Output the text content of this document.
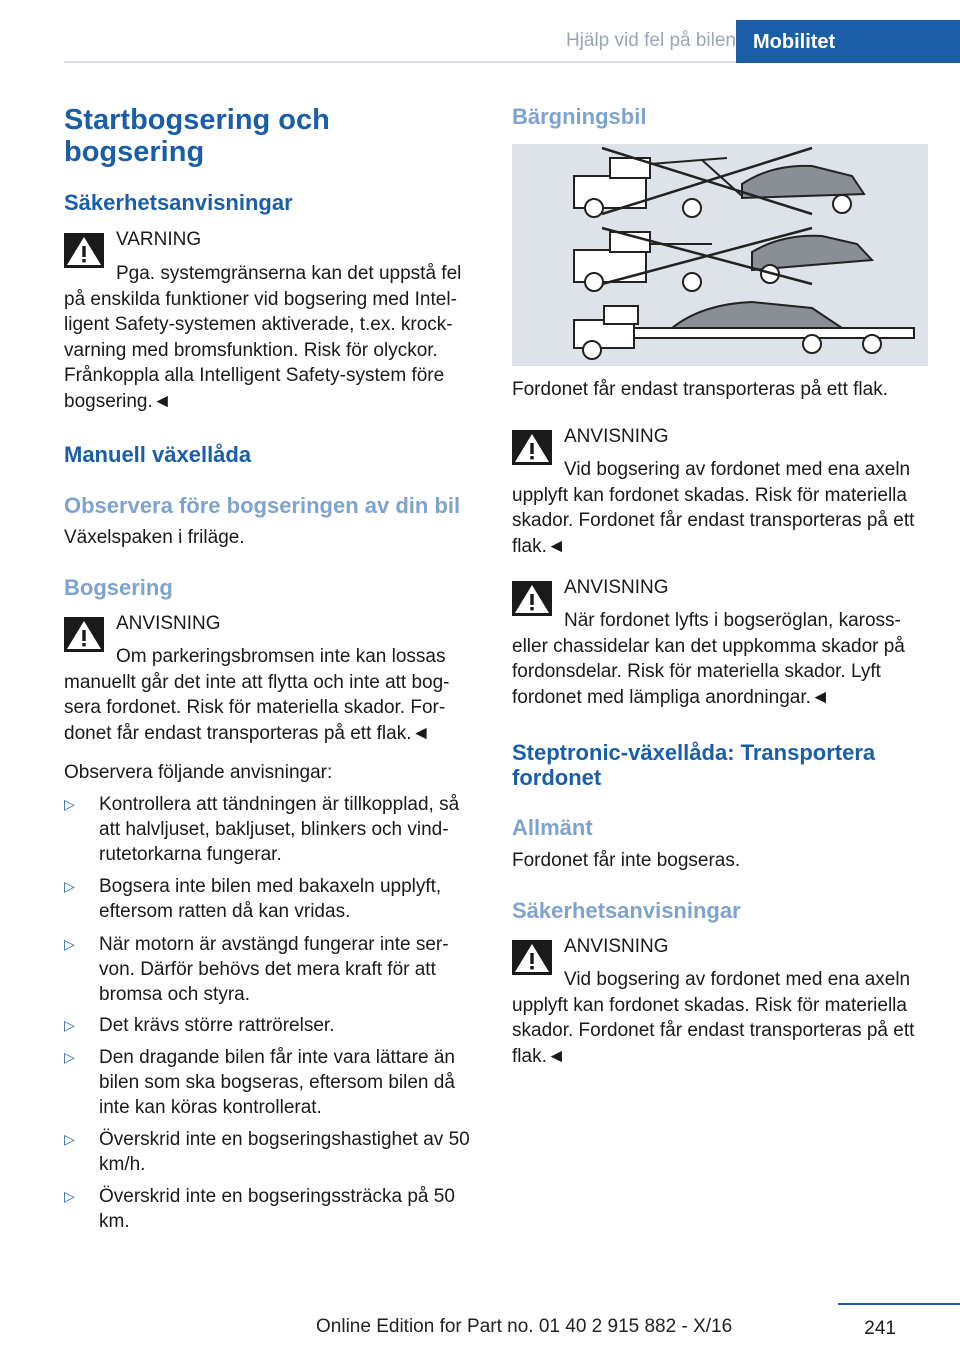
Hjälp vid fel på bilen Mobilitet
Startbogsering och bogsering
Säkerhetsanvisningar
VARNING
Pga. systemgränserna kan det uppstå fel på enskilda funktioner vid bogsering med Intel‐ligent Safety-systemen aktiverade, t.ex. krock‐varning med bromsfunktion. Risk för olyckor. Frånkoppla alla Intelligent Safety-system före bogsering.◄
Manuell växellåda
Observera före bogseringen av din bil
Växelspaken i friläge.
Bogsering
ANVISNING
Om parkeringsbromsen inte kan lossas manuellt går det inte att flytta och inte att bog‐sera fordonet. Risk för materiella skador. For‐donet får endast transporteras på ett flak.◄
Observera följande anvisningar:
▷ Kontrollera att tändningen är tillkopplad, så att halvljuset, bakljuset, blinkers och vind‐rutetorkarna fungerar.
▷ Bogsera inte bilen med bakaxeln upplyft, eftersom ratten då kan vridas.
▷ När motorn är avstängd fungerar inte ser‐von. Därför behövs det mera kraft för att bromsa och styra.
▷ Det krävs större rattrörelser.
▷ Den dragande bilen får inte vara lättare än bilen som ska bogseras, eftersom bilen då inte kan köras kontrollerat.
▷ Överskrid inte en bogseringshastighet av 50 km/h.
▷ Överskrid inte en bogseringssträcka på 50 km.
Bärgningsbil
Fordonet får endast transporteras på ett flak.
ANVISNING
Vid bogsering av fordonet med ena axeln upplyft kan fordonet skadas. Risk för materiella skador. Fordonet får endast transporteras på ett flak.◄
ANVISNING
När fordonet lyfts i bogseröglan, kaross‐eller chassidelar kan det uppkomma skador på fordonsdelar. Risk för materiella skador. Lyft fordonet med lämpliga anordningar.◄
Steptronic-växellåda: Transportera fordonet
Allmänt
Fordonet får inte bogseras.
Säkerhetsanvisningar
ANVISNING
Vid bogsering av fordonet med ena axeln upplyft kan fordonet skadas. Risk för materiella skador. Fordonet får endast transporteras på ett flak.◄
241
Online Edition for Part no. 01 40 2 915 882 - X/16
